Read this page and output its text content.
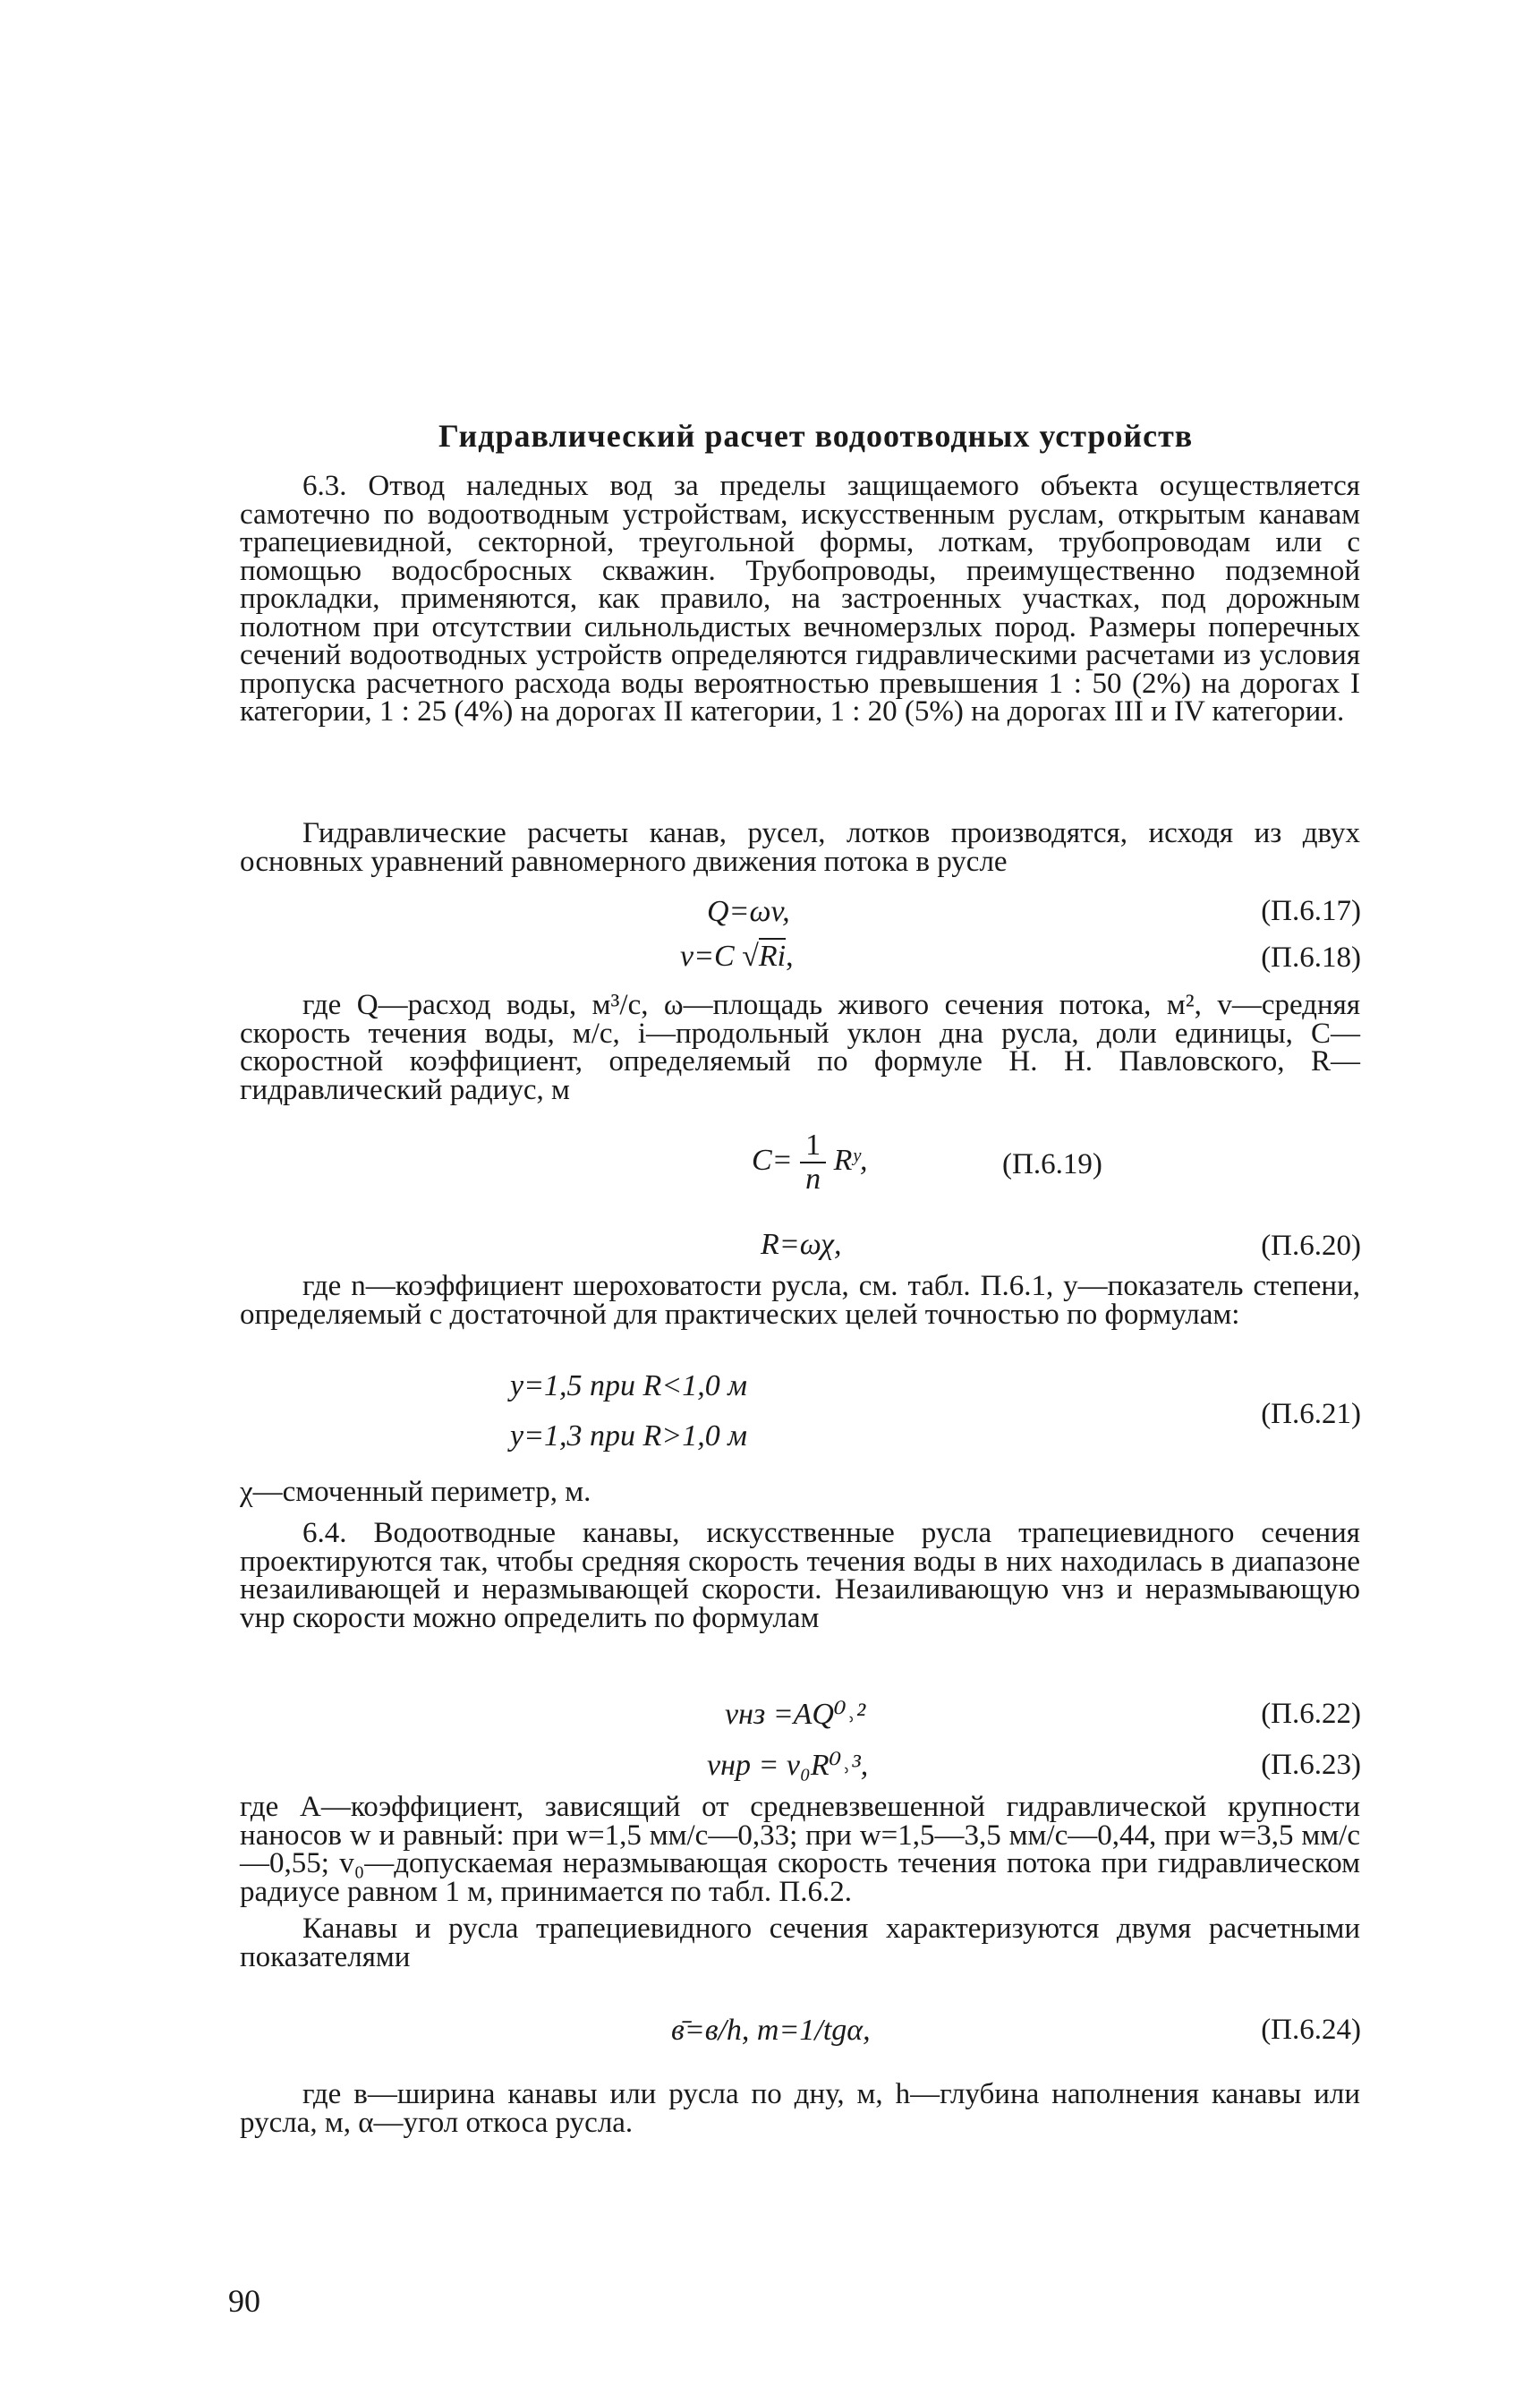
Гидравлический расчет водоотводных устройств

6.3. Отвод наледных вод за пределы защищаемого объекта осуществляется самотечно по водоотводным устройствам, искусственным руслам, открытым канавам трапециевидной, секторной, треугольной формы, лоткам, трубопроводам или с помощью водосбросных скважин. Трубопроводы, преимущественно подземной прокладки, применяются, как правило, на застроенных участках, под дорожным полотном при отсутствии сильнольдистых вечномерзлых пород. Размеры поперечных сечений водоотводных устройств определяются гидравлическими расчетами из условия пропуска расчетного расхода воды вероятностью превышения 1 : 50 (2%) на дорогах I категории, 1 : 25 (4%) на дорогах II категории, 1 : 20 (5%) на дорогах III и IV категории.

Гидравлические расчеты канав, русел, лотков производятся, исходя из двух основных уравнений равномерного движения потока в русле

Q=ωv,	(П.6.17)
v=C √Ri,	(П.6.18)

где Q—расход воды, м³/с, ω—площадь живого сечения потока, м², v—средняя скорость течения воды, м/с, i—продольный уклон дна русла, доли единицы, C—скоростной коэффициент, определяемый по формуле Н. Н. Павловского, R—гидравлический радиус, м

$C= \frac{1}{n}$ Rʸ,	(П.6.19)
R=ωχ,	(П.6.20)

где n—коэффициент шероховатости русла, см. табл. П.6.1, y—показатель степени, определяемый с достаточной для практических целей точностью по формулам:

y=1,5 при R<1,0 м
y=1,3 при R>1,0 м
(П.6.21)

χ—смоченный периметр, м.

6.4. Водоотводные канавы, искусственные русла трапециевидного сечения проектируются так, чтобы средняя скорость течения воды в них находилась в диапазоне незаиливающей и неразмывающей скорости. Незаиливающую vнз и неразмывающую vнр скорости можно определить по формулам

vнз =AQ⁰˒²	(П.6.22)
vнр = v₀R⁰˒³,	(П.6.23)

где A—коэффициент, зависящий от средневзвешенной гидравлической крупности наносов w и равный: при w=1,5 мм/с—0,33; при w=1,5—3,5 мм/с—0,44, при w=3,5 мм/с—0,55; v₀—допускаемая неразмывающая скорость течения потока при гидравлическом радиусе равном 1 м, принимается по табл. П.6.2.

Канавы и русла трапециевидного сечения характеризуются двумя расчетными показателями

в̄=в/h, m=1/tgα,	(П.6.24)

где в—ширина канавы или русла по дну, м, h—глубина наполнения канавы или русла, м, α—угол откоса русла.

90
